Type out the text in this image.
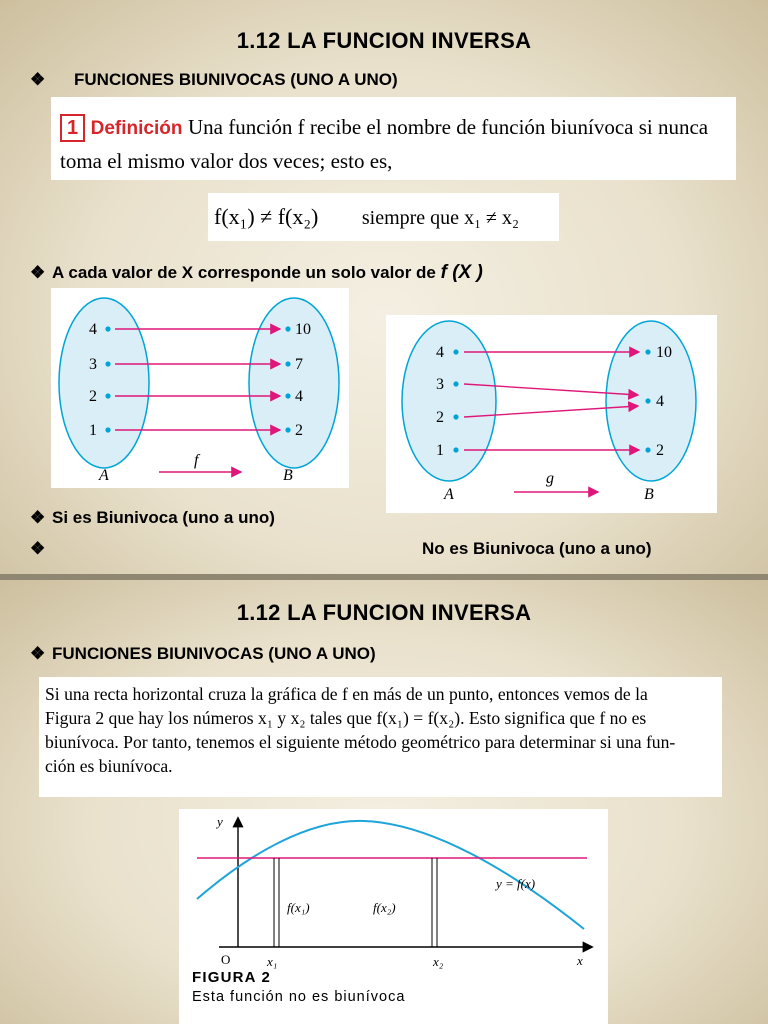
1.12 LA FUNCION INVERSA
❖ FUNCIONES BIUNIVOCAS (UNO A UNO)
1 Definición Una función f recibe el nombre de función biunívoca si nunca
toma el mismo valor dos veces; esto es,
f(x₁) ≠ f(x₂) siempre que x₁ ≠ x₂
❖ A cada valor de X corresponde un solo valor de f (X )
4
3
2
1
10
7
4
2
A	B
f
4
3
2
1
10
4
2
A	B
g
❖ Si es Biunivoca (uno a uno)
❖	No es Biunivoca (uno a uno)
1.12 LA FUNCION INVERSA
❖ FUNCIONES BIUNIVOCAS (UNO A UNO)
Si una recta horizontal cruza la gráfica de f en más de un punto, entonces vemos de la
Figura 2 que hay los números x₁ y x₂ tales que f(x₁) = f(x₂). Esto significa que f no es
biunívoca. Por tanto, tenemos el siguiente método geométrico para determinar si una fun-
ción es biunívoca.
y
x
O	x₁	x₂
f(x₁)	f(x₂)
y = f(x)
FIGURA 2
Esta función no es biunívoca
